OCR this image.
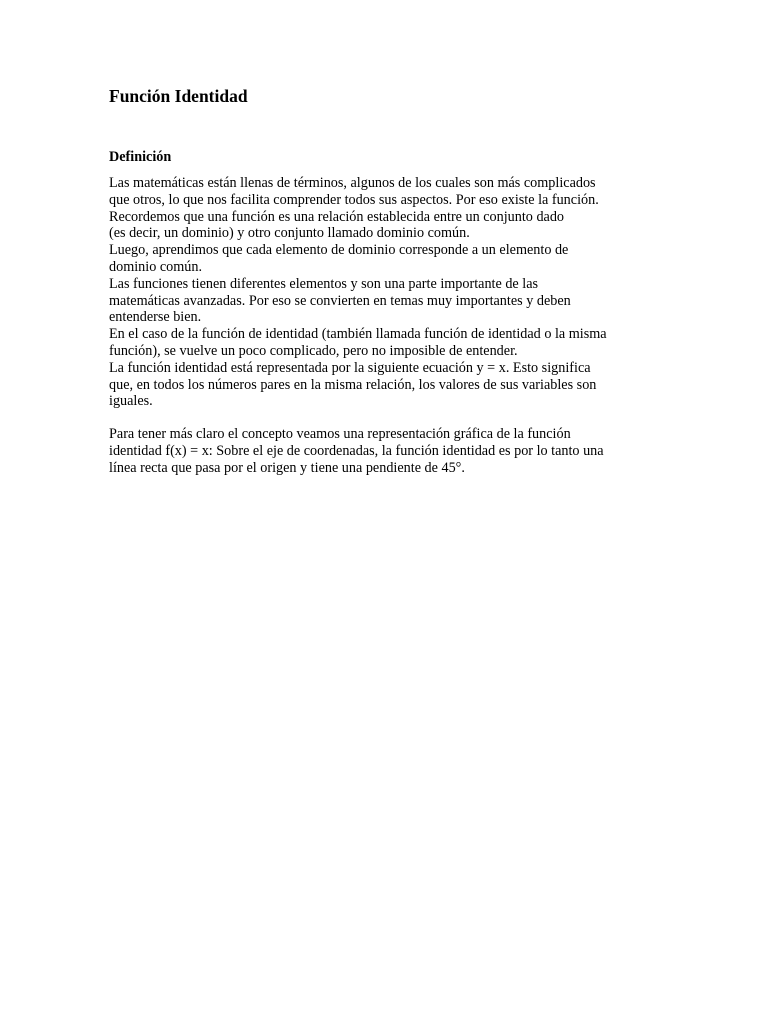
Función Identidad
Definición
Las matemáticas están llenas de términos, algunos de los cuales son más complicados
que otros, lo que nos facilita comprender todos sus aspectos. Por eso existe la función.
Recordemos que una función es una relación establecida entre un conjunto dado
(es decir, un dominio) y otro conjunto llamado dominio común.
Luego, aprendimos que cada elemento de dominio corresponde a un elemento de
dominio común.
Las funciones tienen diferentes elementos y son una parte importante de las
matemáticas avanzadas. Por eso se convierten en temas muy importantes y deben
entenderse bien.
En el caso de la función de identidad (también llamada función de identidad o la misma
función), se vuelve un poco complicado, pero no imposible de entender.
La función identidad está representada por la siguiente ecuación y = x. Esto significa
que, en todos los números pares en la misma relación, los valores de sus variables son
iguales.
Para tener más claro el concepto veamos una representación gráfica de la función
identidad f(x) = x: Sobre el eje de coordenadas, la función identidad es por lo tanto una
línea recta que pasa por el origen y tiene una pendiente de 45°.
